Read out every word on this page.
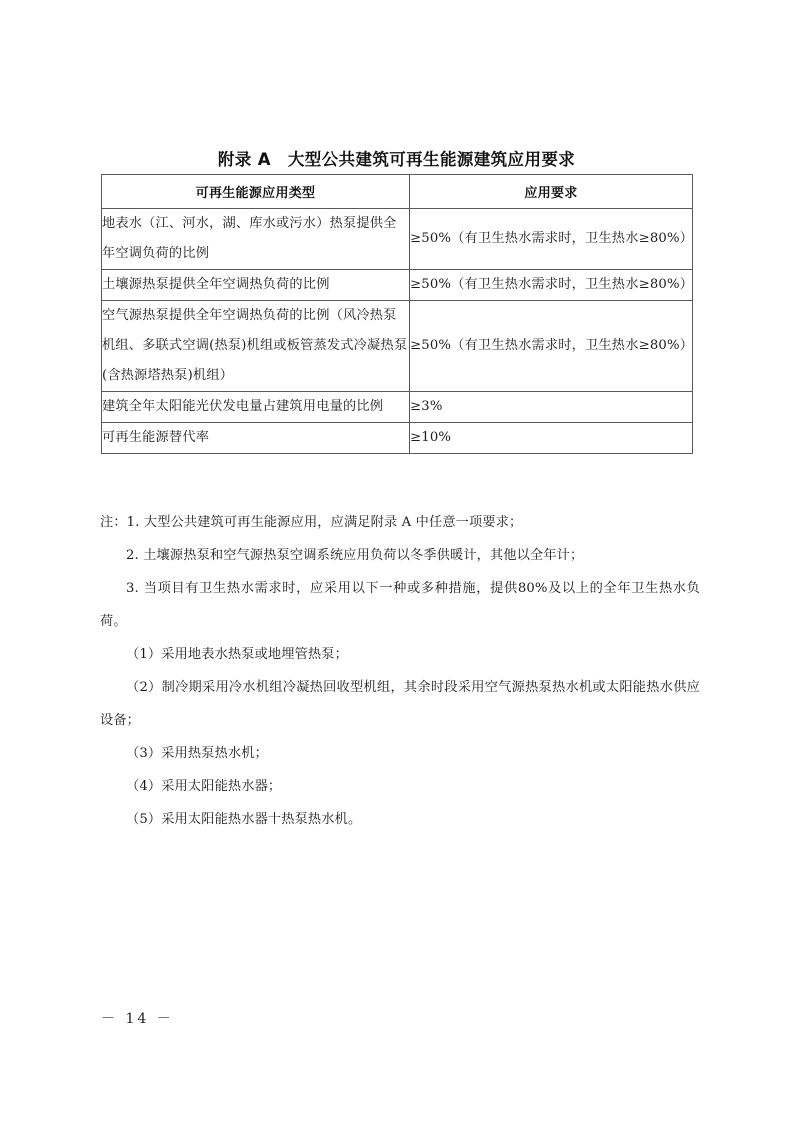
附录 A　大型公共建筑可再生能源建筑应用要求
可再生能源应用类型	应用要求
地表水（江、河水，湖、库水或污水）热泵提供全年空调负荷的比例	≥50%（有卫生热水需求时，卫生热水≥80%）
土壤源热泵提供全年空调热负荷的比例	≥50%（有卫生热水需求时，卫生热水≥80%）
空气源热泵提供全年空调热负荷的比例（风冷热泵机组、多联式空调(热泵)机组或板管蒸发式冷凝热泵(含热源塔热泵)机组）	≥50%（有卫生热水需求时，卫生热水≥80%）
建筑全年太阳能光伏发电量占建筑用电量的比例	≥3%
可再生能源替代率	≥10%

注：1. 大型公共建筑可再生能源应用，应满足附录 A 中任意一项要求；

2. 土壤源热泵和空气源热泵空调系统应用负荷以冬季供暖计，其他以全年计；

3. 当项目有卫生热水需求时，应采用以下一种或多种措施，提供80%及以上的全年卫生热水负荷。

（1）采用地表水热泵或地埋管热泵；

（2）制冷期采用冷水机组冷凝热回收型机组，其余时段采用空气源热泵热水机或太阳能热水供应设备；

（3）采用热泵热水机；

（4）采用太阳能热水器；

（5）采用太阳能热水器十热泵热水机。

－ 14 －
